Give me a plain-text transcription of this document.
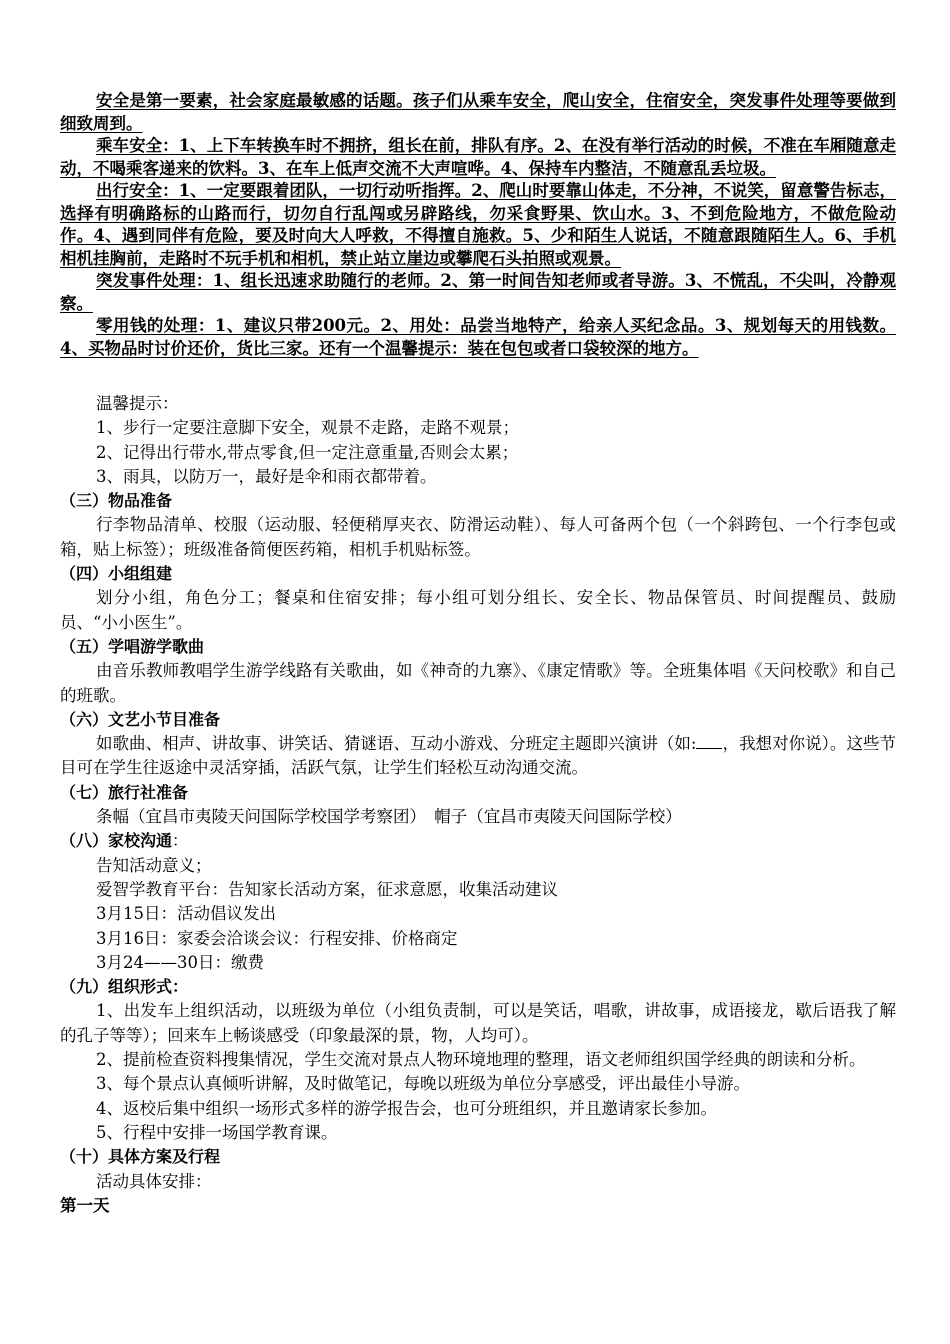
安全是第一要素，社会家庭最敏感的话题。孩子们从乘车安全，爬山安全，住宿安全，突发事件处理等要做到细致周到。

乘车安全：1、上下车转换车时不拥挤，组长在前，排队有序。2、在没有举行活动的时候，不准在车厢随意走动，不喝乘客递来的饮料。3、在车上低声交流不大声喧哗。4、保持车内整洁，不随意乱丢垃圾。

出行安全：1、一定要跟着团队，一切行动听指挥。2、爬山时要靠山体走，不分神，不说笑，留意警告标志，选择有明确路标的山路而行，切勿自行乱闯或另辟路线，勿采食野果、饮山水。3、不到危险地方，不做危险动作。4、遇到同伴有危险，要及时向大人呼救，不得擅自施救。5、少和陌生人说话，不随意跟随陌生人。6、手机相机挂胸前，走路时不玩手机和相机，禁止站立崖边或攀爬石头拍照或观景。

突发事件处理：1、组长迅速求助随行的老师。2、第一时间告知老师或者导游。3、不慌乱，不尖叫，冷静观察。

零用钱的处理：1、建议只带200元。2、用处：品尝当地特产，给亲人买纪念品。3、规划每天的用钱数。4、买物品时讨价还价，货比三家。还有一个温馨提示：装在包包或者口袋较深的地方。

温馨提示：

1、步行一定要注意脚下安全，观景不走路，走路不观景；

2、记得出行带水,带点零食,但一定注意重量,否则会太累；

3、雨具，以防万一，最好是伞和雨衣都带着。

（三）物品准备

行李物品清单、校服（运动服、轻便稍厚夹衣、防滑运动鞋）、每人可备两个包（一个斜跨包、一个行李包或箱，贴上标签）；班级准备简便医药箱，相机手机贴标签。

（四）小组组建

划分小组，角色分工；餐桌和住宿安排；每小组可划分组长、安全长、物品保管员、时间提醒员、鼓励员、“小小医生”。

（五）学唱游学歌曲

由音乐教师教唱学生游学线路有关歌曲，如《神奇的九寨》、《康定情歌》等。全班集体唱《天问校歌》和自己的班歌。

（六）文艺小节目准备

如歌曲、相声、讲故事、讲笑话、猜谜语、互动小游戏、分班定主题即兴演讲（如: ，我想对你说）。这些节目可在学生往返途中灵活穿插，活跃气氛，让学生们轻松互动沟通交流。

（七）旅行社准备

条幅（宜昌市夷陵天问国际学校国学考察团）　帽子（宜昌市夷陵天问国际学校）

（八）家校沟通：

告知活动意义；

爱智学教育平台：告知家长活动方案，征求意愿，收集活动建议

3月15日：活动倡议发出

3月16日：家委会洽谈会议：行程安排、价格商定

3月24——30日：缴费

（九）组织形式：

1、出发车上组织活动，以班级为单位（小组负责制，可以是笑话，唱歌，讲故事，成语接龙，歇后语我了解的孔子等等）；回来车上畅谈感受（印象最深的景，物，人均可）。

2、提前检查资料搜集情况，学生交流对景点人物环境地理的整理，语文老师组织国学经典的朗读和分析。

3、每个景点认真倾听讲解，及时做笔记，每晚以班级为单位分享感受，评出最佳小导游。

4、返校后集中组织一场形式多样的游学报告会，也可分班组织，并且邀请家长参加。

5、行程中安排一场国学教育课。

（十）具体方案及行程

活动具体安排：

第一天
